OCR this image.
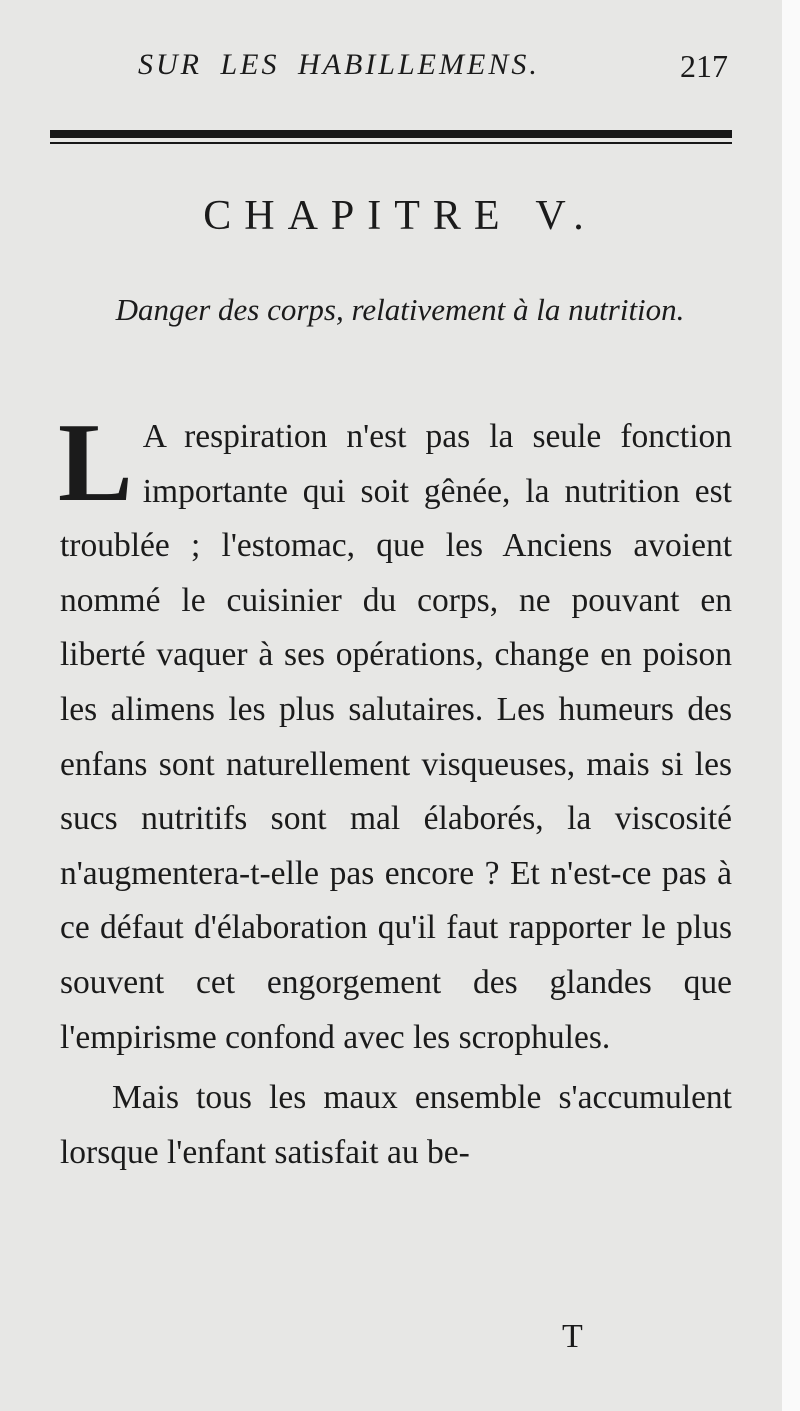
SUR LES HABILLEMENS.	217
CHAPITRE V.
Danger des corps, relativement à la nutrition.

L A respiration n'est pas la seule fonction importante qui soit gênée, la nutrition est troublée ; l'estomac, que les Anciens avoient nommé le cuisinier du corps, ne pouvant en liberté vaquer à ses opérations, change en poison les alimens les plus salutaires. Les humeurs des enfans sont naturellement visqueuses, mais si les sucs nutritifs sont mal élaborés, la viscosité n'augmentera-t-elle pas encore ? Et n'est-ce pas à ce défaut d'élaboration qu'il faut rapporter le plus souvent cet engorgement des glandes que l'empirisme confond avec les scrophules.

Mais tous les maux ensemble s'accumulent lorsque l'enfant satisfait au be-

T
